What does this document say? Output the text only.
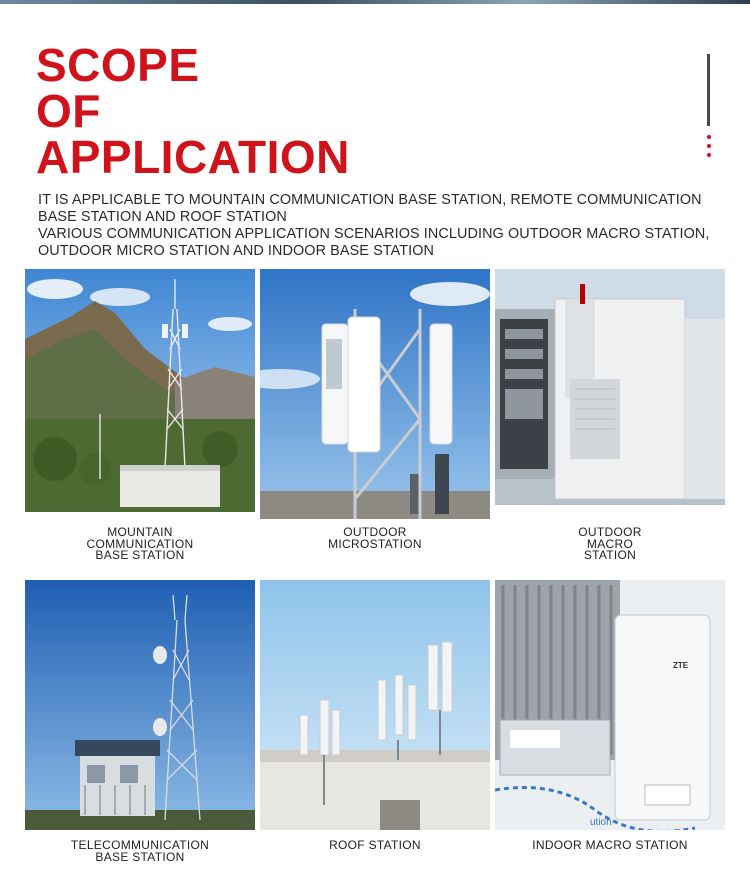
SCOPE
OF
APPLICATION

IT IS APPLICABLE TO MOUNTAIN COMMUNICATION BASE STATION, REMOTE COMMUNICATION BASE STATION AND ROOF STATION

VARIOUS COMMUNICATION APPLICATION SCENARIOS INCLUDING OUTDOOR MACRO STATION, OUTDOOR MICRO STATION AND INDOOR BASE STATION

ZTE
ution
MOUNTAIN
COMMUNICATION
BASE STATION
OUTDOOR
MICROSTATION
OUTDOOR
MACRO
STATION
TELECOMMUNICATION
BASE STATION
ROOF STATION	INDOOR MACRO STATION
